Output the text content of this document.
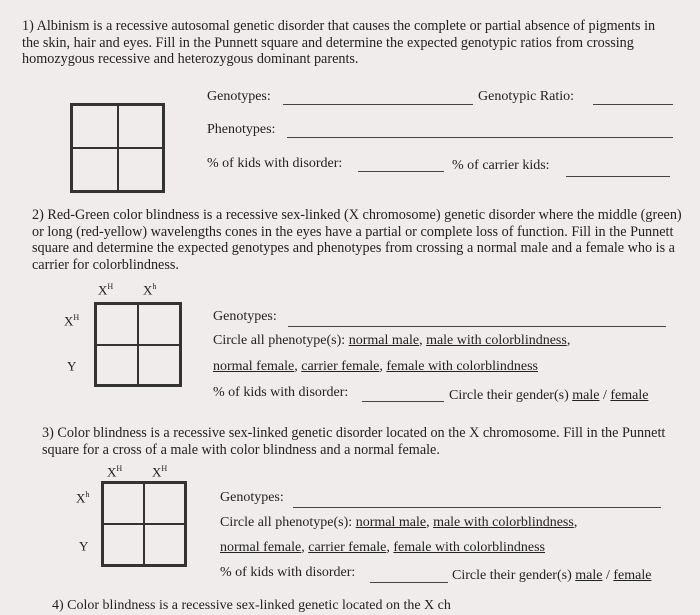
1) Albinism is a recessive autosomal genetic disorder that causes the complete or partial absence of pigments in the skin, hair and eyes. Fill in the Punnett square and determine the expected genotypic ratios from crossing homozygous recessive and heterozygous dominant parents.
Genotypes:	Genotypic Ratio:
Phenotypes:
% of kids with disorder:	% of carrier kids:
2) Red-Green color blindness is a recessive sex-linked (X chromosome) genetic disorder where the middle (green) or long (red-yellow) wavelengths cones in the eyes have a partial or complete loss of function. Fill in the Punnett square and determine the expected genotypes and phenotypes from crossing a normal male and a female who is a carrier for colorblindness.
$X^H$ $X^h$
$X^H$
Y
Genotypes:
Circle all phenotype(s): normal male, male with colorblindness,
normal female, carrier female, female with colorblindness
% of kids with disorder:	Circle their gender(s) male / female
3) Color blindness is a recessive sex-linked genetic disorder located on the X chromosome. Fill in the Punnett square for a cross of a male with color blindness and a normal female.
$X^H$ $X^H$
$X^h$
Y
Genotypes:
Circle all phenotype(s): normal male, male with colorblindness,
normal female, carrier female, female with colorblindness
% of kids with disorder:	Circle their gender(s) male / female
4) Color blindness is a recessive sex-linked genetic located on the X ch
